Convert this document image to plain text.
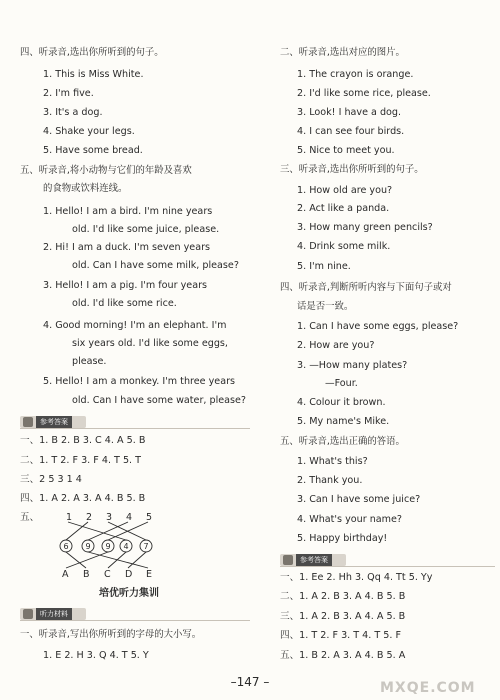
四、听录音,选出你所听到的句子。
1. This is Miss White.
2. I'm five.
3. It's a dog.
4. Shake your legs.
5. Have some bread.
五、听录音,将小动物与它们的年龄及喜欢
的食物或饮料连线。
1. Hello! I am a bird. I'm nine years
old. I'd like some juice, please.
2. Hi! I am a duck. I'm seven years
old. Can I have some milk, please?
3. Hello! I am a pig. I'm four years
old. I'd like some rice.
4. Good morning! I'm an elephant. I'm
six years old. I'd like some eggs,
please.
5. Hello! I am a monkey. I'm three years
old. Can I have some water, please?
参考答案
一、1. B 2. B 3. C 4. A 5. B
二、1. T 2. F 3. F 4. T 5. T
三、2 5 3 1 4
四、1. A 2. A 3. A 4. B 5. B
五、	1 2 3 4 5
A B C D E
6 9 9 4 7
培优听力集训
听力材料
一、听录音,写出你所听到的字母的大小写。
1. E 2. H 3. Q 4. T 5. Y
二、听录音,选出对应的图片。
1. The crayon is orange.
2. I'd like some rice, please.
3. Look! I have a dog.
4. I can see four birds.
5. Nice to meet you.
三、听录音,选出你所听到的句子。
1. How old are you?
2. Act like a panda.
3. How many green pencils?
4. Drink some milk.
5. I'm nine.
四、听录音,判断所听内容与下面句子或对
话是否一致。
1. Can I have some eggs, please?
2. How are you?
3. —How many plates?
—Four.
4. Colour it brown.
5. My name's Mike.
五、听录音,选出正确的答语。
1. What's this?
2. Thank you.
3. Can I have some juice?
4. What's your name?
5. Happy birthday!
参考答案
一、1. Ee 2. Hh 3. Qq 4. Tt 5. Yy
二、1. A 2. B 3. A 4. B 5. B
三、1. A 2. B 3. A 4. A 5. B
四、1. T 2. F 3. T 4. T 5. F
五、1. B 2. A 3. A 4. B 5. A
–147 –	MXQE.COM
